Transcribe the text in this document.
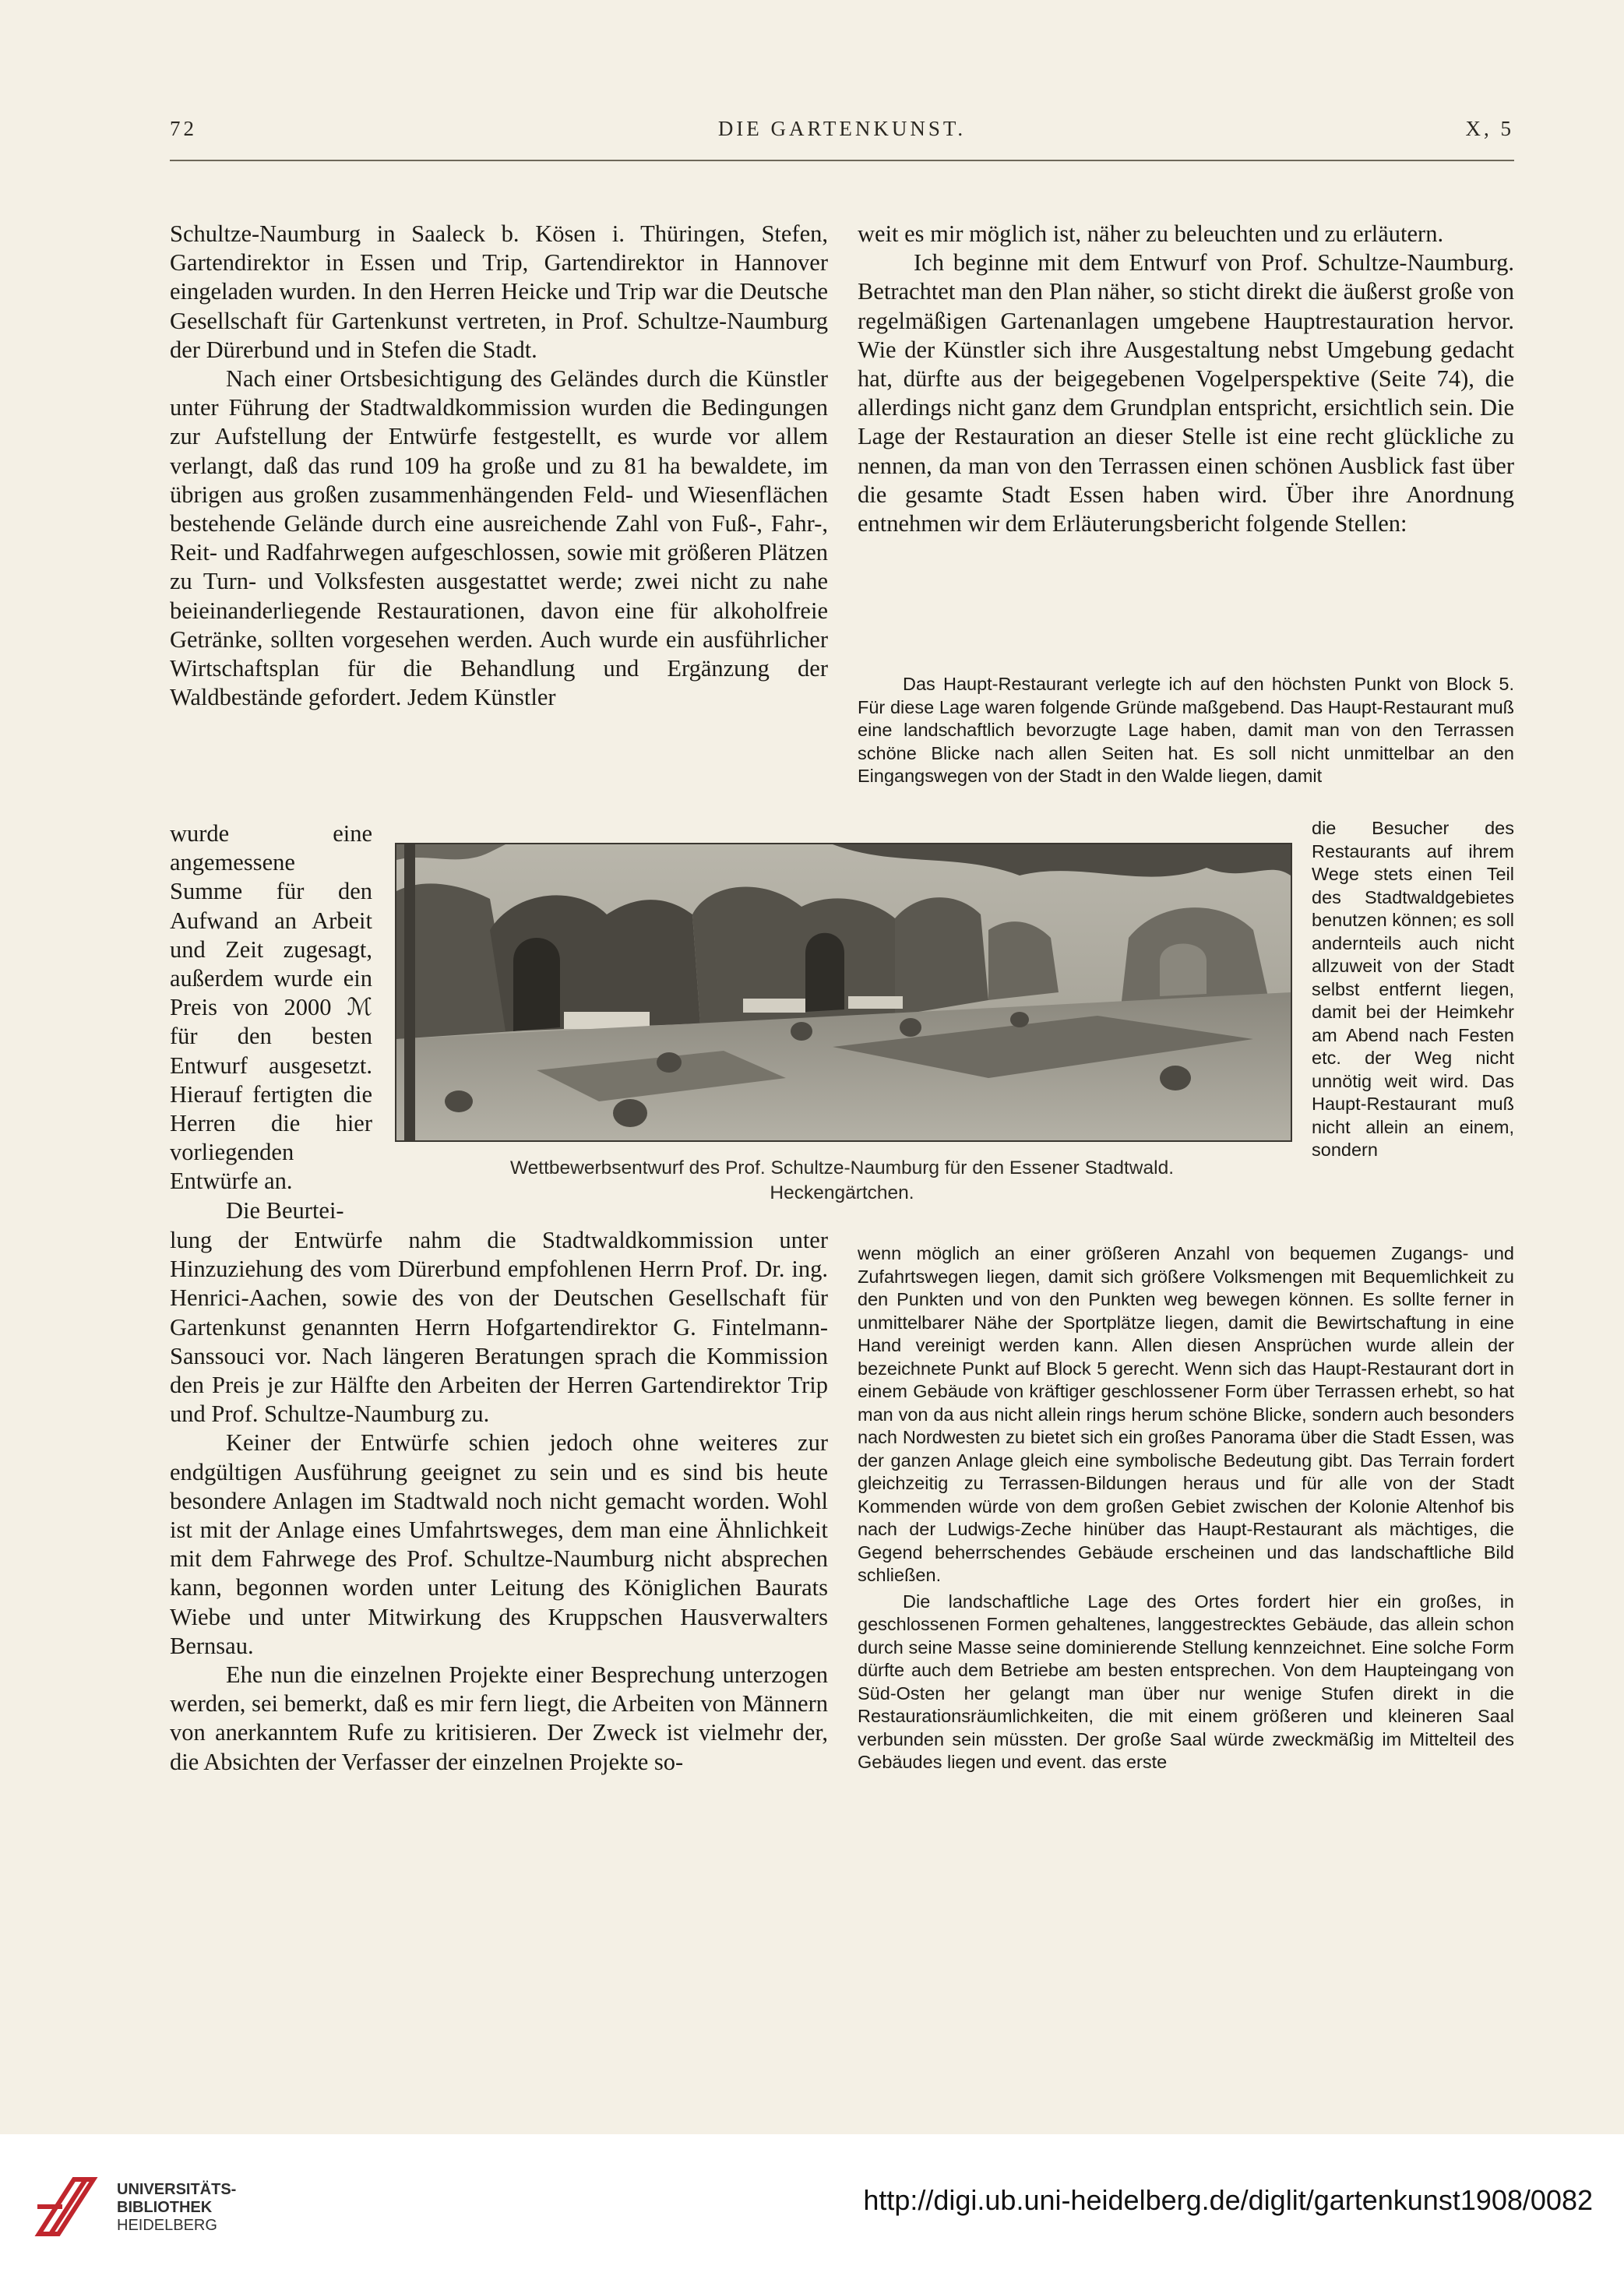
72	DIE GARTENKUNST.	X, 5

Schultze-Naumburg in Saaleck b. Kösen i. Thüringen, Stefen, Gartendirektor in Essen und Trip, Gartendirektor in Hannover eingeladen wurden. In den Herren Heicke und Trip war die Deutsche Gesellschaft für Gartenkunst vertreten, in Prof. Schultze-Naumburg der Dürerbund und in Stefen die Stadt.

Nach einer Ortsbesichtigung des Geländes durch die Künstler unter Führung der Stadtwaldkommission wurden die Bedingungen zur Aufstellung der Entwürfe festgestellt, es wurde vor allem verlangt, daß das rund 109 ha große und zu 81 ha bewaldete, im übrigen aus großen zusammenhängenden Feld- und Wiesenflächen bestehende Gelände durch eine ausreichende Zahl von Fuß-, Fahr-, Reit- und Radfahrwegen aufgeschlossen, sowie mit größeren Plätzen zu Turn- und Volksfesten ausgestattet werde; zwei nicht zu nahe beieinanderliegende Restaurationen, davon eine für alkoholfreie Getränke, sollten vorgesehen werden. Auch wurde ein ausführlicher Wirtschaftsplan für die Behandlung und Ergänzung der Waldbestände gefordert. Jedem Künstler

wurde eine angemessene Summe für den Aufwand an Arbeit und Zeit zugesagt, außerdem wurde ein Preis von 2000 ℳ für den besten Entwurf ausgesetzt. Hierauf fertigten die Herren die hier vorliegenden Entwürfe an.

Die Beurtei-

lung der Entwürfe nahm die Stadtwaldkommission unter Hinzuziehung des vom Dürerbund empfohlenen Herrn Prof. Dr. ing. Henrici-Aachen, sowie des von der Deutschen Gesellschaft für Gartenkunst genannten Herrn Hofgartendirektor G. Fintelmann-Sanssouci vor. Nach längeren Beratungen sprach die Kommission den Preis je zur Hälfte den Arbeiten der Herren Gartendirektor Trip und Prof. Schultze-Naumburg zu.

Keiner der Entwürfe schien jedoch ohne weiteres zur endgültigen Ausführung geeignet zu sein und es sind bis heute besondere Anlagen im Stadtwald noch nicht gemacht worden. Wohl ist mit der Anlage eines Umfahrtsweges, dem man eine Ähnlichkeit mit dem Fahrwege des Prof. Schultze-Naumburg nicht absprechen kann, begonnen worden unter Leitung des Königlichen Baurats Wiebe und unter Mitwirkung des Kruppschen Hausverwalters Bernsau.

Ehe nun die einzelnen Projekte einer Besprechung unterzogen werden, sei bemerkt, daß es mir fern liegt, die Arbeiten von Männern von anerkanntem Rufe zu kritisieren. Der Zweck ist vielmehr der, die Absichten der Verfasser der einzelnen Projekte so-

weit es mir möglich ist, näher zu beleuchten und zu erläutern.

Ich beginne mit dem Entwurf von Prof. Schultze-Naumburg. Betrachtet man den Plan näher, so sticht direkt die äußerst große von regelmäßigen Gartenanlagen umgebene Hauptrestauration hervor. Wie der Künstler sich ihre Ausgestaltung nebst Umgebung gedacht hat, dürfte aus der beigegebenen Vogelperspektive (Seite 74), die allerdings nicht ganz dem Grundplan entspricht, ersichtlich sein. Die Lage der Restauration an dieser Stelle ist eine recht glückliche zu nennen, da man von den Terrassen einen schönen Ausblick fast über die gesamte Stadt Essen haben wird. Über ihre Anordnung entnehmen wir dem Erläuterungsbericht folgende Stellen:

Das Haupt-Restaurant verlegte ich auf den höchsten Punkt von Block 5. Für diese Lage waren folgende Gründe maßgebend. Das Haupt-Restaurant muß eine landschaftlich bevorzugte Lage haben, damit man von den Terrassen schöne Blicke nach allen Seiten hat. Es soll nicht unmittelbar an den Eingangswegen von der Stadt in den Walde liegen, damit

die Besucher des Restaurants auf ihrem Wege stets einen Teil des Stadtwaldgebietes benutzen können; es soll andernteils auch nicht allzuweit von der Stadt selbst entfernt liegen, damit bei der Heimkehr am Abend nach Festen etc. der Weg nicht unnötig weit wird. Das Haupt-Restaurant muß nicht allein an einem, sondern

wenn möglich an einer größeren Anzahl von bequemen Zugangs- und Zufahrtswegen liegen, damit sich größere Volksmengen mit Bequemlichkeit zu den Punkten und von den Punkten weg bewegen können. Es sollte ferner in unmittelbarer Nähe der Sportplätze liegen, damit die Bewirtschaftung in eine Hand vereinigt werden kann. Allen diesen Ansprüchen wurde allein der bezeichnete Punkt auf Block 5 gerecht. Wenn sich das Haupt-Restaurant dort in einem Gebäude von kräftiger geschlossener Form über Terrassen erhebt, so hat man von da aus nicht allein rings herum schöne Blicke, sondern auch besonders nach Nordwesten zu bietet sich ein großes Panorama über die Stadt Essen, was der ganzen Anlage gleich eine symbolische Bedeutung gibt. Das Terrain fordert gleichzeitig zu Terrassen-Bildungen heraus und für alle von der Stadt Kommenden würde von dem großen Gebiet zwischen der Kolonie Altenhof bis nach der Ludwigs-Zeche hinüber das Haupt-Restaurant als mächtiges, die Gegend beherrschendes Gebäude erscheinen und das landschaftliche Bild schließen.

Die landschaftliche Lage des Ortes fordert hier ein großes, in geschlossenen Formen gehaltenes, langgestrecktes Gebäude, das allein schon durch seine Masse seine dominierende Stellung kennzeichnet. Eine solche Form dürfte auch dem Betriebe am besten entsprechen. Von dem Haupteingang von Süd-Osten her gelangt man über nur wenige Stufen direkt in die Restaurationsräumlichkeiten, die mit einem größeren und kleineren Saal verbunden sein müssten. Der große Saal würde zweckmäßig im Mittelteil des Gebäudes liegen und event. das erste

Wettbewerbsentwurf des Prof. Schultze-Naumburg für den Essener Stadtwald.
Heckengärtchen.
UNIVERSITÄTS-
BIBLIOTHEK
HEIDELBERG
http://digi.ub.uni-heidelberg.de/diglit/gartenkunst1908/0082
